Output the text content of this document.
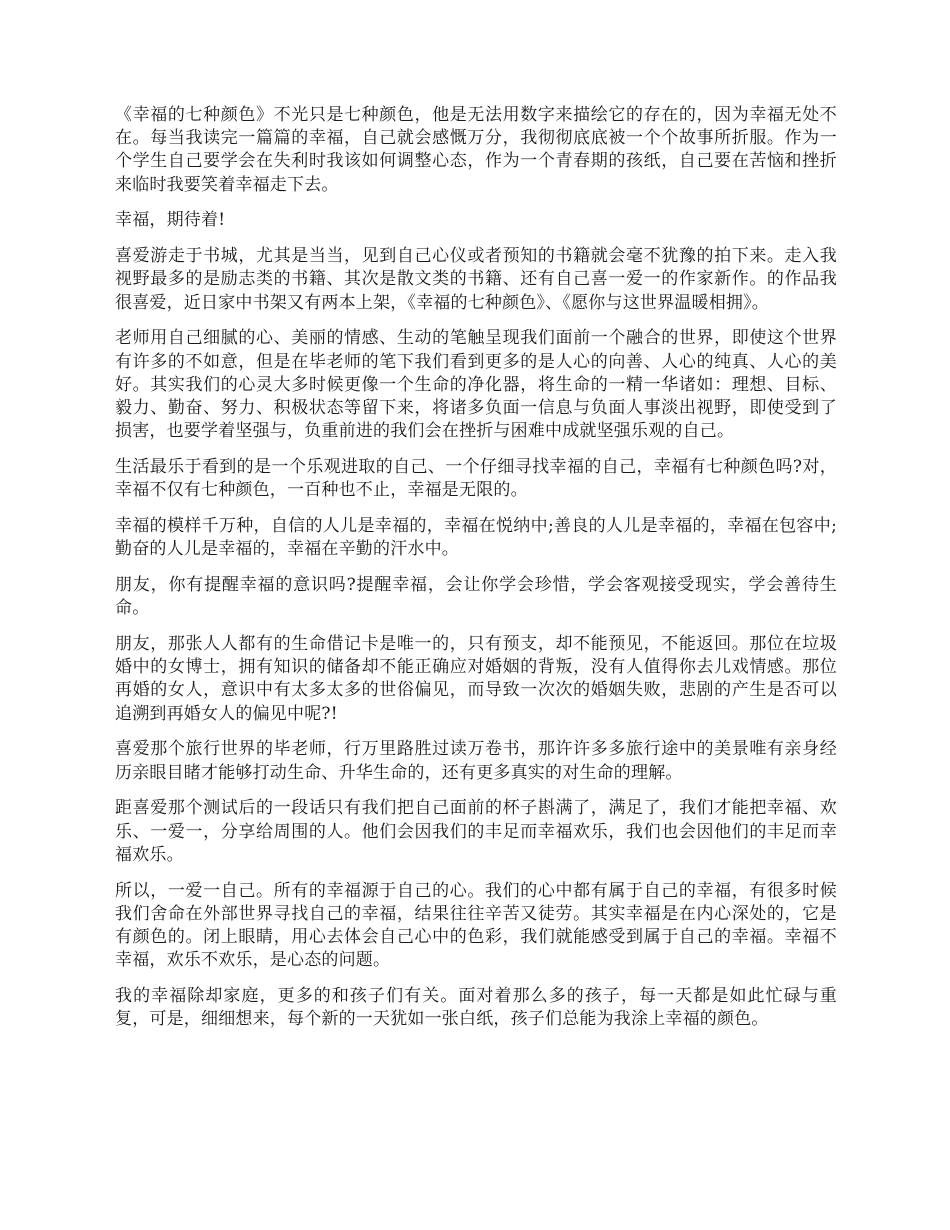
《幸福的七种颜色》不光只是七种颜色，他是无法用数字来描绘它的存在的，因为幸福无处不在。每当我读完一篇篇的幸福，自己就会感慨万分，我彻彻底底被一个个故事所折服。作为一个学生自己要学会在失利时我该如何调整心态，作为一个青春期的孩纸，自己要在苦恼和挫折来临时我要笑着幸福走下去。

幸福，期待着!

喜爱游走于书城，尤其是当当，见到自己心仪或者预知的书籍就会毫不犹豫的拍下来。走入我视野最多的是励志类的书籍、其次是散文类的书籍、还有自己喜一爱一的作家新作。的作品我很喜爱，近日家中书架又有两本上架，《幸福的七种颜色》、《愿你与这世界温暖相拥》。

老师用自己细腻的心、美丽的情感、生动的笔触呈现我们面前一个融合的世界，即使这个世界有许多的不如意，但是在毕老师的笔下我们看到更多的是人心的向善、人心的纯真、人心的美好。其实我们的心灵大多时候更像一个生命的净化器，将生命的一精一华诸如：理想、目标、毅力、勤奋、努力、积极状态等留下来，将诸多负面一信息与负面人事淡出视野，即使受到了损害，也要学着坚强与，负重前进的我们会在挫折与困难中成就坚强乐观的自己。

生活最乐于看到的是一个乐观进取的自己、一个仔细寻找幸福的自己，幸福有七种颜色吗?对，幸福不仅有七种颜色，一百种也不止，幸福是无限的。

幸福的模样千万种，自信的人儿是幸福的，幸福在悦纳中;善良的人儿是幸福的，幸福在包容中;勤奋的人儿是幸福的，幸福在辛勤的汗水中。

朋友，你有提醒幸福的意识吗?提醒幸福，会让你学会珍惜，学会客观接受现实，学会善待生命。

朋友，那张人人都有的生命借记卡是唯一的，只有预支，却不能预见，不能返回。那位在垃圾婚中的女博士，拥有知识的储备却不能正确应对婚姻的背叛，没有人值得你去儿戏情感。那位再婚的女人，意识中有太多太多的世俗偏见，而导致一次次的婚姻失败，悲剧的产生是否可以追溯到再婚女人的偏见中呢?!

喜爱那个旅行世界的毕老师，行万里路胜过读万卷书，那许许多多旅行途中的美景唯有亲身经历亲眼目睹才能够打动生命、升华生命的，还有更多真实的对生命的理解。

距喜爱那个测试后的一段话只有我们把自己面前的杯子斟满了，满足了，我们才能把幸福、欢乐、一爱一，分享给周围的人。他们会因我们的丰足而幸福欢乐，我们也会因他们的丰足而幸福欢乐。

所以，一爱一自己。所有的幸福源于自己的心。我们的心中都有属于自己的幸福，有很多时候我们舍命在外部世界寻找自己的幸福，结果往往辛苦又徒劳。其实幸福是在内心深处的，它是有颜色的。闭上眼睛，用心去体会自己心中的色彩，我们就能感受到属于自己的幸福。幸福不幸福，欢乐不欢乐，是心态的问题。

我的幸福除却家庭，更多的和孩子们有关。面对着那么多的孩子，每一天都是如此忙碌与重复，可是，细细想来，每个新的一天犹如一张白纸，孩子们总能为我涂上幸福的颜色。
